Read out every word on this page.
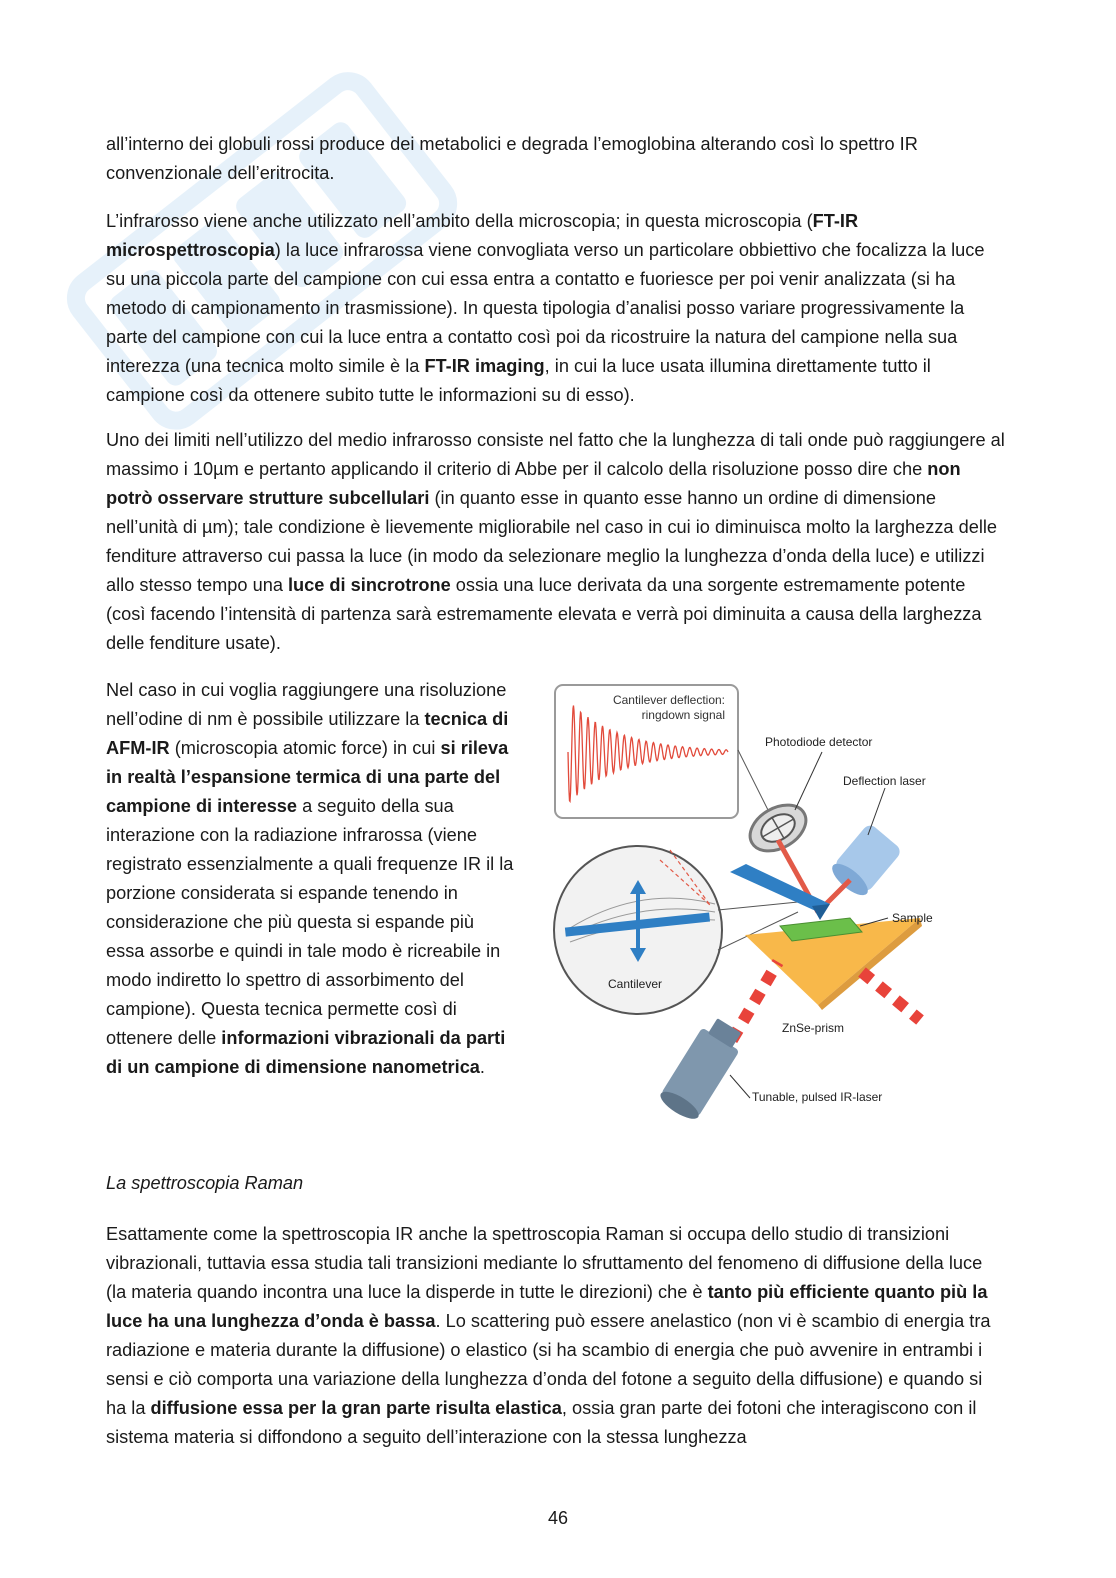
all’interno dei globuli rossi produce dei metabolici e degrada l’emoglobina alterando così lo spettro IR convenzionale dell’eritrocita.

L’infrarosso viene anche utilizzato nell’ambito della microscopia; in questa microscopia (FT-IR microspettroscopia) la luce infrarossa viene convogliata verso un particolare obbiettivo che focalizza la luce su una piccola parte del campione con cui essa entra a contatto e fuoriesce per poi venir analizzata (si ha metodo di campionamento in trasmissione). In questa tipologia d’analisi posso variare progressivamente la parte del campione con cui la luce entra a contatto così poi da ricostruire la natura del campione nella sua interezza (una tecnica molto simile è la FT-IR imaging, in cui la luce usata illumina direttamente tutto il campione così da ottenere subito tutte le informazioni su di esso).

Uno dei limiti nell’utilizzo del medio infrarosso consiste nel fatto che la lunghezza di tali onde può raggiungere al massimo i 10µm e pertanto applicando il criterio di Abbe per il calcolo della risoluzione posso dire che non potrò osservare strutture subcellulari (in quanto esse in quanto esse hanno un ordine di dimensione nell’unità di µm); tale condizione è lievemente migliorabile nel caso in cui io diminuisca molto la larghezza delle fenditure attraverso cui passa la luce (in modo da selezionare meglio la lunghezza d’onda della luce) e utilizzi allo stesso tempo una luce di sincrotrone ossia una luce derivata da una sorgente estremamente potente (così facendo l’intensità di partenza sarà estremamente elevata e verrà poi diminuita a causa della larghezza delle fenditure usate).

Nel caso in cui voglia raggiungere una risoluzione nell’odine di nm è possibile utilizzare la tecnica di AFM-IR (microscopia atomic force) in cui si rileva in realtà l’espansione termica di una parte del campione di interesse a seguito della sua interazione con la radiazione infrarossa (viene registrato essenzialmente a quali frequenze IR il la porzione considerata si espande tenendo in considerazione che più questa si espande più essa assorbe e quindi in tale modo è ricreabile in modo indiretto lo spettro di assorbimento del campione). Questa tecnica permette così di ottenere delle informazioni vibrazionali da parti di un campione di dimensione nanometrica.

Cantilever deflection:
ringdown signal
Photodiode detector
Deflection laser
Cantilever
Sample
Tunable, pulsed IR-laser
ZnSe-prism
La spettroscopia Raman

Esattamente come la spettroscopia IR anche la spettroscopia Raman si occupa dello studio di transizioni vibrazionali, tuttavia essa studia tali transizioni mediante lo sfruttamento del fenomeno di diffusione della luce (la materia quando incontra una luce la disperde in tutte le direzioni) che è tanto più efficiente quanto più la luce ha una lunghezza d’onda è bassa. Lo scattering può essere anelastico (non vi è scambio di energia tra radiazione e materia durante la diffusione) o elastico (si ha scambio di energia che può avvenire in entrambi i sensi e ciò comporta una variazione della lunghezza d’onda del fotone a seguito della diffusione) e quando si ha la diffusione essa per la gran parte risulta elastica, ossia gran parte dei fotoni che interagiscono con il sistema materia si diffondono a seguito dell’interazione con la stessa lunghezza

46
